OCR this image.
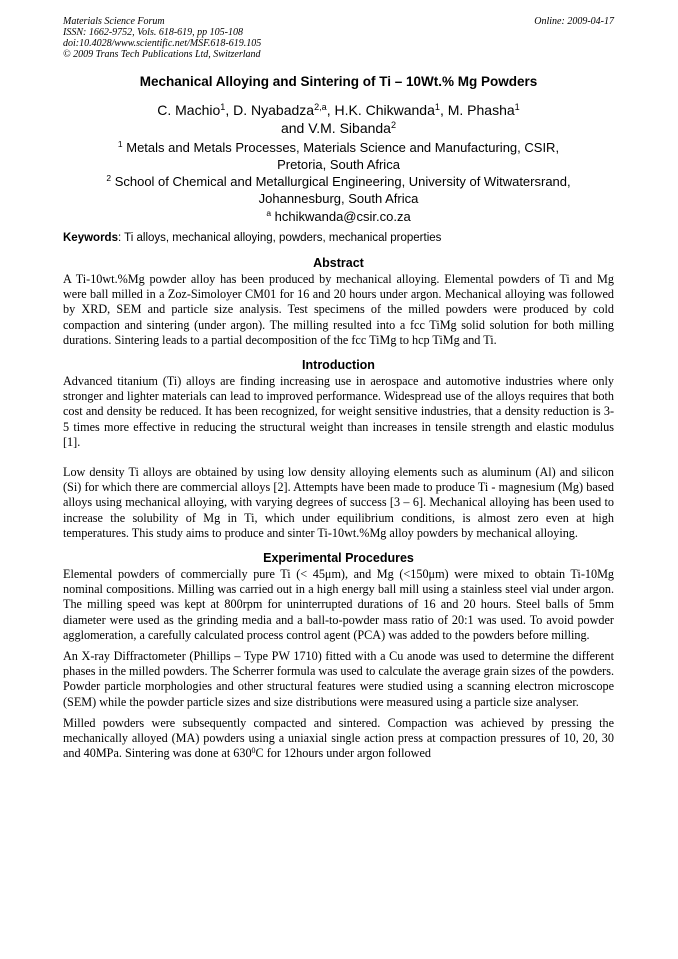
Materials Science Forum
ISSN: 1662-9752, Vols. 618-619, pp 105-108
doi:10.4028/www.scientific.net/MSF.618-619.105
© 2009 Trans Tech Publications Ltd, Switzerland
Online: 2009-04-17
Mechanical Alloying and Sintering of Ti – 10Wt.% Mg Powders
C. Machio$^1$, D. Nyabadza$^{2,a}$, H.K. Chikwanda$^1$, M. Phasha$^1$
and V.M. Sibanda$^2$
$^1$ Metals and Metals Processes, Materials Science and Manufacturing, CSIR,
Pretoria, South Africa
$^2$ School of Chemical and Metallurgical Engineering, University of Witwatersrand,
Johannesburg, South Africa
$^a$ hchikwanda@csir.co.za
Keywords: Ti alloys, mechanical alloying, powders, mechanical properties
Abstract

A Ti-10wt.%Mg powder alloy has been produced by mechanical alloying. Elemental powders of Ti and Mg were ball milled in a Zoz-Simoloyer CM01 for 16 and 20 hours under argon. Mechanical alloying was followed by XRD, SEM and particle size analysis. Test specimens of the milled powders were produced by cold compaction and sintering (under argon). The milling resulted into a fcc TiMg solid solution for both milling durations. Sintering leads to a partial decomposition of the fcc TiMg to hcp TiMg and Ti.

Introduction

Advanced titanium (Ti) alloys are finding increasing use in aerospace and automotive industries where only stronger and lighter materials can lead to improved performance. Widespread use of the alloys requires that both cost and density be reduced. It has been recognized, for weight sensitive industries, that a density reduction is 3-5 times more effective in reducing the structural weight than increases in tensile strength and elastic modulus [1].

Low density Ti alloys are obtained by using low density alloying elements such as aluminum (Al) and silicon (Si) for which there are commercial alloys [2]. Attempts have been made to produce Ti - magnesium (Mg) based alloys using mechanical alloying, with varying degrees of success [3 – 6]. Mechanical alloying has been used to increase the solubility of Mg in Ti, which under equilibrium conditions, is almost zero even at high temperatures. This study aims to produce and sinter Ti-10wt.%Mg alloy powders by mechanical alloying.

Experimental Procedures

Elemental powders of commercially pure Ti (< 45μm), and Mg (<150μm) were mixed to obtain Ti-10Mg nominal compositions. Milling was carried out in a high energy ball mill using a stainless steel vial under argon. The milling speed was kept at 800rpm for uninterrupted durations of 16 and 20 hours. Steel balls of 5mm diameter were used as the grinding media and a ball-to-powder mass ratio of 20:1 was used. To avoid powder agglomeration, a carefully calculated process control agent (PCA) was added to the powders before milling.

An X-ray Diffractometer (Phillips – Type PW 1710) fitted with a Cu anode was used to determine the different phases in the milled powders. The Scherrer formula was used to calculate the average grain sizes of the powders. Powder particle morphologies and other structural features were studied using a scanning electron microscope (SEM) while the powder particle sizes and size distributions were measured using a particle size analyser.

Milled powders were subsequently compacted and sintered. Compaction was achieved by pressing the mechanically alloyed (MA) powders using a uniaxial single action press at compaction pressures of 10, 20, 30 and 40MPa. Sintering was done at $630^0C$ for 12hours under argon followed
